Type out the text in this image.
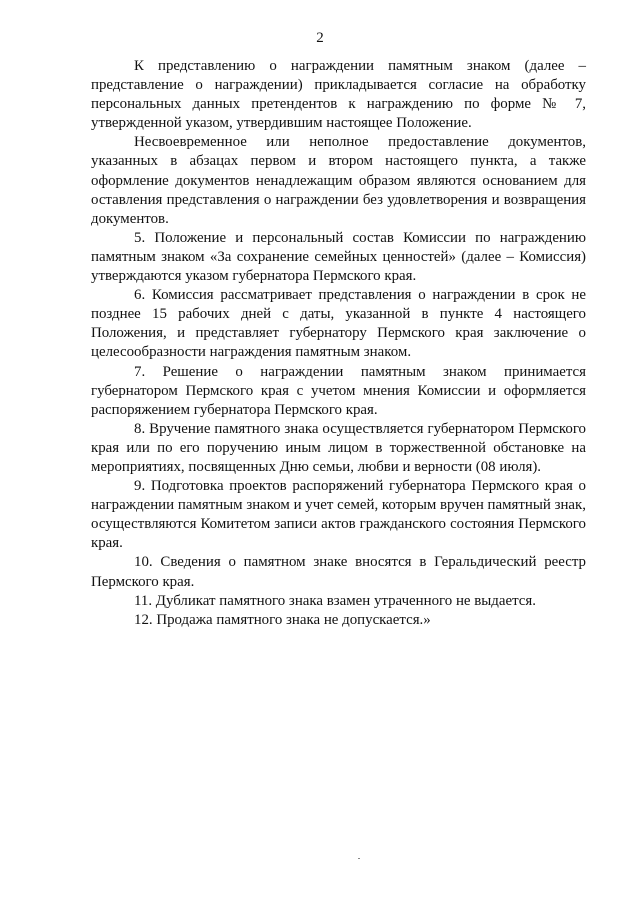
2

К представлению о награждении памятным знаком (далее – представление о награждении) прикладывается согласие на обработку персональных данных претендентов к награждению по форме № 7, утвержденной указом, утвердившим настоящее Положение.

Несвоевременное или неполное предоставление документов, указанных в абзацах первом и втором настоящего пункта, а также оформление документов ненадлежащим образом являются основанием для оставления представления о награждении без удовлетворения и возвращения документов.

5. Положение и персональный состав Комиссии по награждению памятным знаком «За сохранение семейных ценностей» (далее – Комиссия) утверждаются указом губернатора Пермского края.

6. Комиссия рассматривает представления о награждении в срок не позднее 15 рабочих дней с даты, указанной в пункте 4 настоящего Положения, и представляет губернатору Пермского края заключение о целесообразности награждения памятным знаком.

7. Решение о награждении памятным знаком принимается губернатором Пермского края с учетом мнения Комиссии и оформляется распоряжением губернатора Пермского края.

8. Вручение памятного знака осуществляется губернатором Пермского края или по его поручению иным лицом в торжественной обстановке на мероприятиях, посвященных Дню семьи, любви и верности (08 июля).

9. Подготовка проектов распоряжений губернатора Пермского края о награждении памятным знаком и учет семей, которым вручен памятный знак, осуществляются Комитетом записи актов гражданского состояния Пермского края.

10. Сведения о памятном знаке вносятся в Геральдический реестр Пермского края.

11. Дубликат памятного знака взамен утраченного не выдается.

12. Продажа памятного знака не допускается.»
